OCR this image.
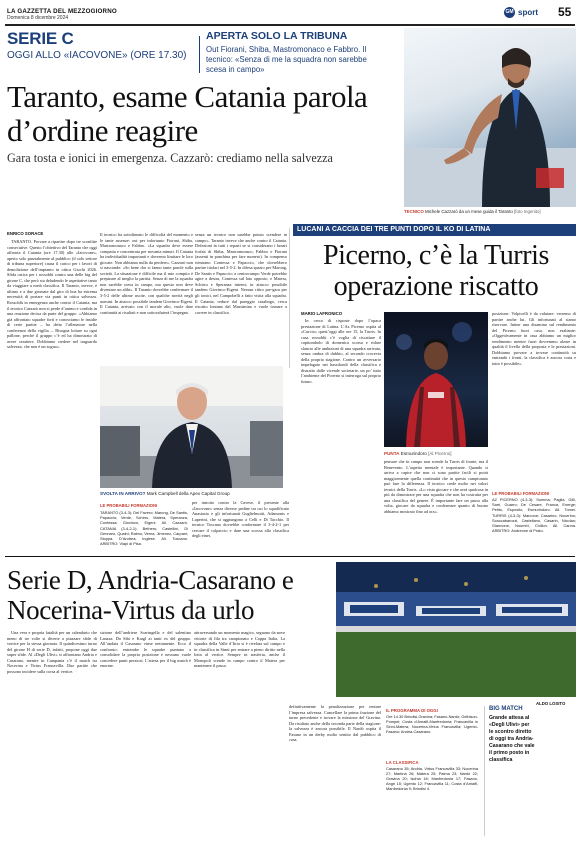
LA GAZZETTA DEL MEZZOGIORNO
Domenica 8 dicembre 2024
GM sport 55
SERIE C
OGGI ALLO «IACOVONE» (ORE 17.30)
APERTA SOLO LA TRIBUNA
Out Fiorani, Shiba, Mastromonaco e Fabbro. Il tecnico: «Senza di me la squadra non sarebbe scesa in campo»
Taranto, esame Catania parola d’ordine reagire
Gara tosta e ionici in emergenza. Cazzarò: crediamo nella salvezza
TECNICO Michele Cazzarò da un mese guida il Taranto [foto Ingenito]
ENRICO SORACE
TARANTO. Provare a ripartire dopo tre sconfitte consecutive. Questo l’obiettivo del Taranto che oggi affronta il Catania (ore 17.30) allo «Iacovone», aperto solo parzialmente al pubblico (il solo settore di tribuna superiore) causa il carico per i lavori di demolizione dell’impianto in ottica Giochi 2026. Sfida ostica per i rossoblù contro una delle big del girone C, che però sta deludendo le aspettative tanto da viaggiare a metà classifica. Il Taranto, invece, è ultimo e a due giornate dal giro di boa ha estrema necessità di portare via punti in ottica salvezza. Rossoblù in emergenza anche contro il Catania, ma il tecnico Cazzarò non si perde d’animo e confida in una reazione decisa da parte del gruppo. «Abbiamo già affrontato squadre forti e conosciamo le insidie di certe partite – ha detto l’allenatore nella conferenza della vigilia –. Bisogna lottare su ogni pallone, perché il gruppo c’è ed ha dimostrato di avere carattere. Dobbiamo credere nel traguardo salvezza, che non è un sogno».
Il tecnico ha sottolineato le difficoltà del momento e le tante assenze: out per infortunio Fiorani, Shiba, Mastromonaco e Fabbro. «La squadra deve essere compatta e concentrata per novanta minuti. Il Catania ha individualità importanti e dovremo limitare le loro giocate. Non abbiamo nulla da perdere». Cazzarò non si nasconde: «So bene che si fanno tante parole sulla società. La situazione è difficile ma il mio compito è preparare al meglio la partita. Senza di me la squadra non sarebbe scesa in campo, ma questo non deve diventare un alibi». Il Taranto dovrebbe confermare il 3-5-2 delle ultime uscite, con qualche novità negli uomini. In attacco possibile tandem Giovinco-Eigeni. Il Catania, arrivato con il morale alto, vuole dare continuità ai risultati e non sottovaluterà l’impegno.
senza un tecnico non sarebbe potuto scendere in campo». Taranto invece che anche contro il Catania. Defezioni in tutti i reparti se si considerano i lunari forfait di Shiba, Mastromonaco, Fabbro e Fiorani (assenti in panchina per fare numero). In compenso rientrano Contessa e Papaccio, che dovrebbero partire titolari nel 3-5-2. In difesa spazio per Marong, De Santis e Papaccio; a centrocampo Verde potrebbe agire a destra, Contessa sul lato opposto, e Matera, Schirru e Speranza interni; in attacco possibile tandem Giovinco-Eigeni. Nessun ritiro pre-gara per gli ionici, nel Campobelli a fatto visita alla squadra. Il Catania, reduce dal pareggio casalingo, cerca riscatto lontano dal Massimino e vuole tornare a correre in classifica.
SVOLTA IN ARRIVO? Mark Campbell della Apex Capital Group
per introito contro la Cavese, il presente alla «Iacovone» senza diverse pedine tra cui lo squalificato Anastasio e gli infortunati Guglielmotti, Adamonis e Luperini, che si aggiungono a Celli e Di Tacchio. Il tecnico Toscano dovrebbe confermare il 3-4-2-1 per cercare il colpaccio e dare una scossa alla classifica degli etnei.
LE PROBABILI FORMAZIONI
TARANTO (3-4-3): Del Favero; Marong, De Santis, Papaccio; Verde, Schirru, Matera, Speranza, Contessa; Giovinco, Eigeni. All. Cazzarò. CATANIA (3-4-2-1): Bethers; Castellini, Di Gennaro, Quaini; Raimo, Verna, Jimenez, Carpani; Stoppa, D’Andrea; Inglese. All. Toscano. ARBITRO: Viapi di Pisa.
LUCANI A CACCIA DEI TRE PUNTI DOPO IL KO DI LATINA
Picerno, c’è la Turris operazione riscatto
MARIO LAFRONICO
In cerca di risposte dopo l’opaca prestazione di Latina. L’Az Picerno ospita al «Curcio» quest’oggi alle ore 15, la Turris. In casa rossoblù c’è voglia di riscattare il capitombolo di domenica scorsa e ridare slancio alle ambizioni di una squadra arrivata, senza ombra di dubbio, al secondo crocevia della propria stagione. Contro un avversario impelagato nei bassifondi della classifica e distratto dalle vicende societarie, un po’ tutto l’ambiente del Picerno si interroga sul proprio futuro.
PUNTA Esmurindoro [Al Picerno]
pensare che in campo non scende la Turris di fronte, ma il Benevento. L’aspetto mentale è importante. Quando si arriva a capire che non ci sono partite facili si potrà maggiormente quella continuità che in questo campionato può fare la differenza. Il tecnico crede molto nei valori tecnici della Turris. «Lo vista giocare e che avrà qualcosa in più da dimostrare per una squadra che non ha costruita per una classifica del genere. È importante fare un passo alla volta, giocare da squadra e confermare quanto di buono abbiamo mostrato fino ad ora».
posizione. Volpicelli è da valutare: verremo di partire anche lui. Gli infortunati al siamo riservare. Intine una disamina sul rendimento del Picerno fuori casa, non esaltante: «Oggettivamente in casa abbiamo un miglior rendimento mentre fuori dovremmo alzare in qualità il livello della proposta e le prestazioni. Dobbiamo provare a trovare continuità su entrambi i fronti, la classifica è ancora corta e tutto è possibile».
LE PROBABILI FORMAZIONI
AZ PICERNO (4-3-3): Summa; Paglia, Gilli, Sarri, Guarro; De Cesare, Franca, Energe; Petito, Esposito, Esmurindoro. All. Tomei. TURRIS (4-3-3): Marcone; Casarino, Nocerino; Scaccabarozzi, Castellano, Casarin, Nicolao; Giannone, Noumbi, Chillon. All. Canna. ARBITRO: Andreone di Prato.
Serie D, Andria-Casarano e Nocerina-Virtus da urlo
ALDO LOSITO
Una vera e propria fatalità per un calendario che meno di tre volte si diverte a piazzare sfide di vertice per la stessa giornata. Il quindicesimo turno del girone H di serie D, infatti, propone oggi due super sfide. Al «Degli Ulivi» si affrontano Andria e Casarano, mentre in Campania c’è il match tra Nocerina e Virtus Francavilla. Due partite che possono incidere sulla corsa al vertice.
sizione dell’andriese Scaringella e del salentino Lanzza. Da Sibi e Kragl ai tanti ex del gruppo. All’andata il Casarano vinse nettamente. Ecco il confronto: entrambe le squadre puntano a consolidare la propria posizione e nessuno vuole concedere punti preziosi. L’attesa per il big match è enorme.
attraversando un momento magico, seguono da nove vittorie di fila tra campionato e Coppa Italia. La squadra della Valle d’Itria si è rivelata sul campo e in classifica in Sinni per entrare a pieno diritto nella lotta al vertice. Sempre in trasferta, anche il Monopoli scende in campo contro il Matera per mantenere il passo.
definitivamente la penalizzazione per tentare l’impresa salvezza. Cancellare la prima frazione del turno precedente e trovare la missione del Gravina. Da risultato anche della seconda parte della stagione: la salvezza è ancora possibile. Il Nardò ospita il Fasano in un derby molto sentito dal pubblico di casa.
IL PROGRAMMA DI OGGI
Ore 14.30 Brindisi-Gravina; Fasano-Nardò; Gelbison-Pompei; Costa d’Amalfi-Manfredonia; Francavilla in Sinni-Matera; Nocerina-Virtus Francavilla; Ugento-Fasano; Andria-Casarano.
LA CLASSIFICA
Casarano 35; Andria, Virtus Francavilla 33; Nocerina 27; Martina 26; Matera 25; Palma 23; Nardò 22; Gravina 20; Ischia 18; Manfredonia 17; Fasano, Angri 15; Ugento 12; Francavilla 11; Costa d’Amalfi, Manfredonia 9; Brindisi 4.
BIG MATCH
Grande attesa al «Degli Ulivi» per le scontro diretto di oggi tra Andria-Casarano che vale il primo posto in classifica
